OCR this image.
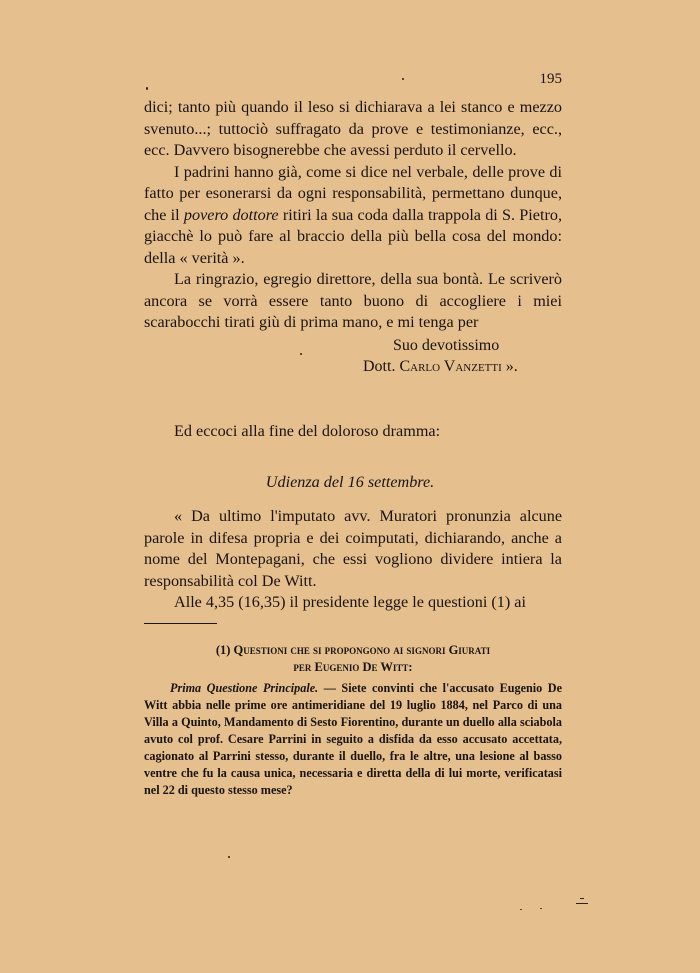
195

dici; tanto più quando il leso si dichiarava a lei stanco e mezzo svenuto...; tuttociò suffragato da prove e testimonianze, ecc., ecc. Davvero bisognerebbe che avessi perduto il cervello.

I padrini hanno già, come si dice nel verbale, delle prove di fatto per esonerarsi da ogni responsabilità, permettano dunque, che il povero dottore ritiri la sua coda dalla trappola di S. Pietro, giacchè lo può fare al braccio della più bella cosa del mondo: della « verità ».

La ringrazio, egregio direttore, della sua bontà. Le scriverò ancora se vorrà essere tanto buono di accogliere i miei scarabocchi tirati giù di prima mano, e mi tenga per

Suo devotissimo
Dott. Carlo Vanzetti ».
Ed eccoci alla fine del doloroso dramma:
Udienza del 16 settembre.

« Da ultimo l'imputato avv. Muratori pronunzia alcune parole in difesa propria e dei coimputati, dichiarando, anche a nome del Montepagani, che essi vogliono dividere intiera la responsabilità col De Witt.

Alle 4,35 (16,35) il presidente legge le questioni (1) ai

(1) Questioni che si propongono ai signori Giurati
per Eugenio De Witt:

Prima Questione Principale. — Siete convinti che l'accusato Eugenio De Witt abbia nelle prime ore antimeridiane del 19 luglio 1884, nel Parco di una Villa a Quinto, Mandamento di Sesto Fiorentino, durante un duello alla sciabola avuto col prof. Cesare Parrini in seguito a disfida da esso accusato accettata, cagionato al Parrini stesso, durante il duello, fra le altre, una lesione al basso ventre che fu la causa unica, necessaria e diretta della di lui morte, verificatasi nel 22 di questo stesso mese?
